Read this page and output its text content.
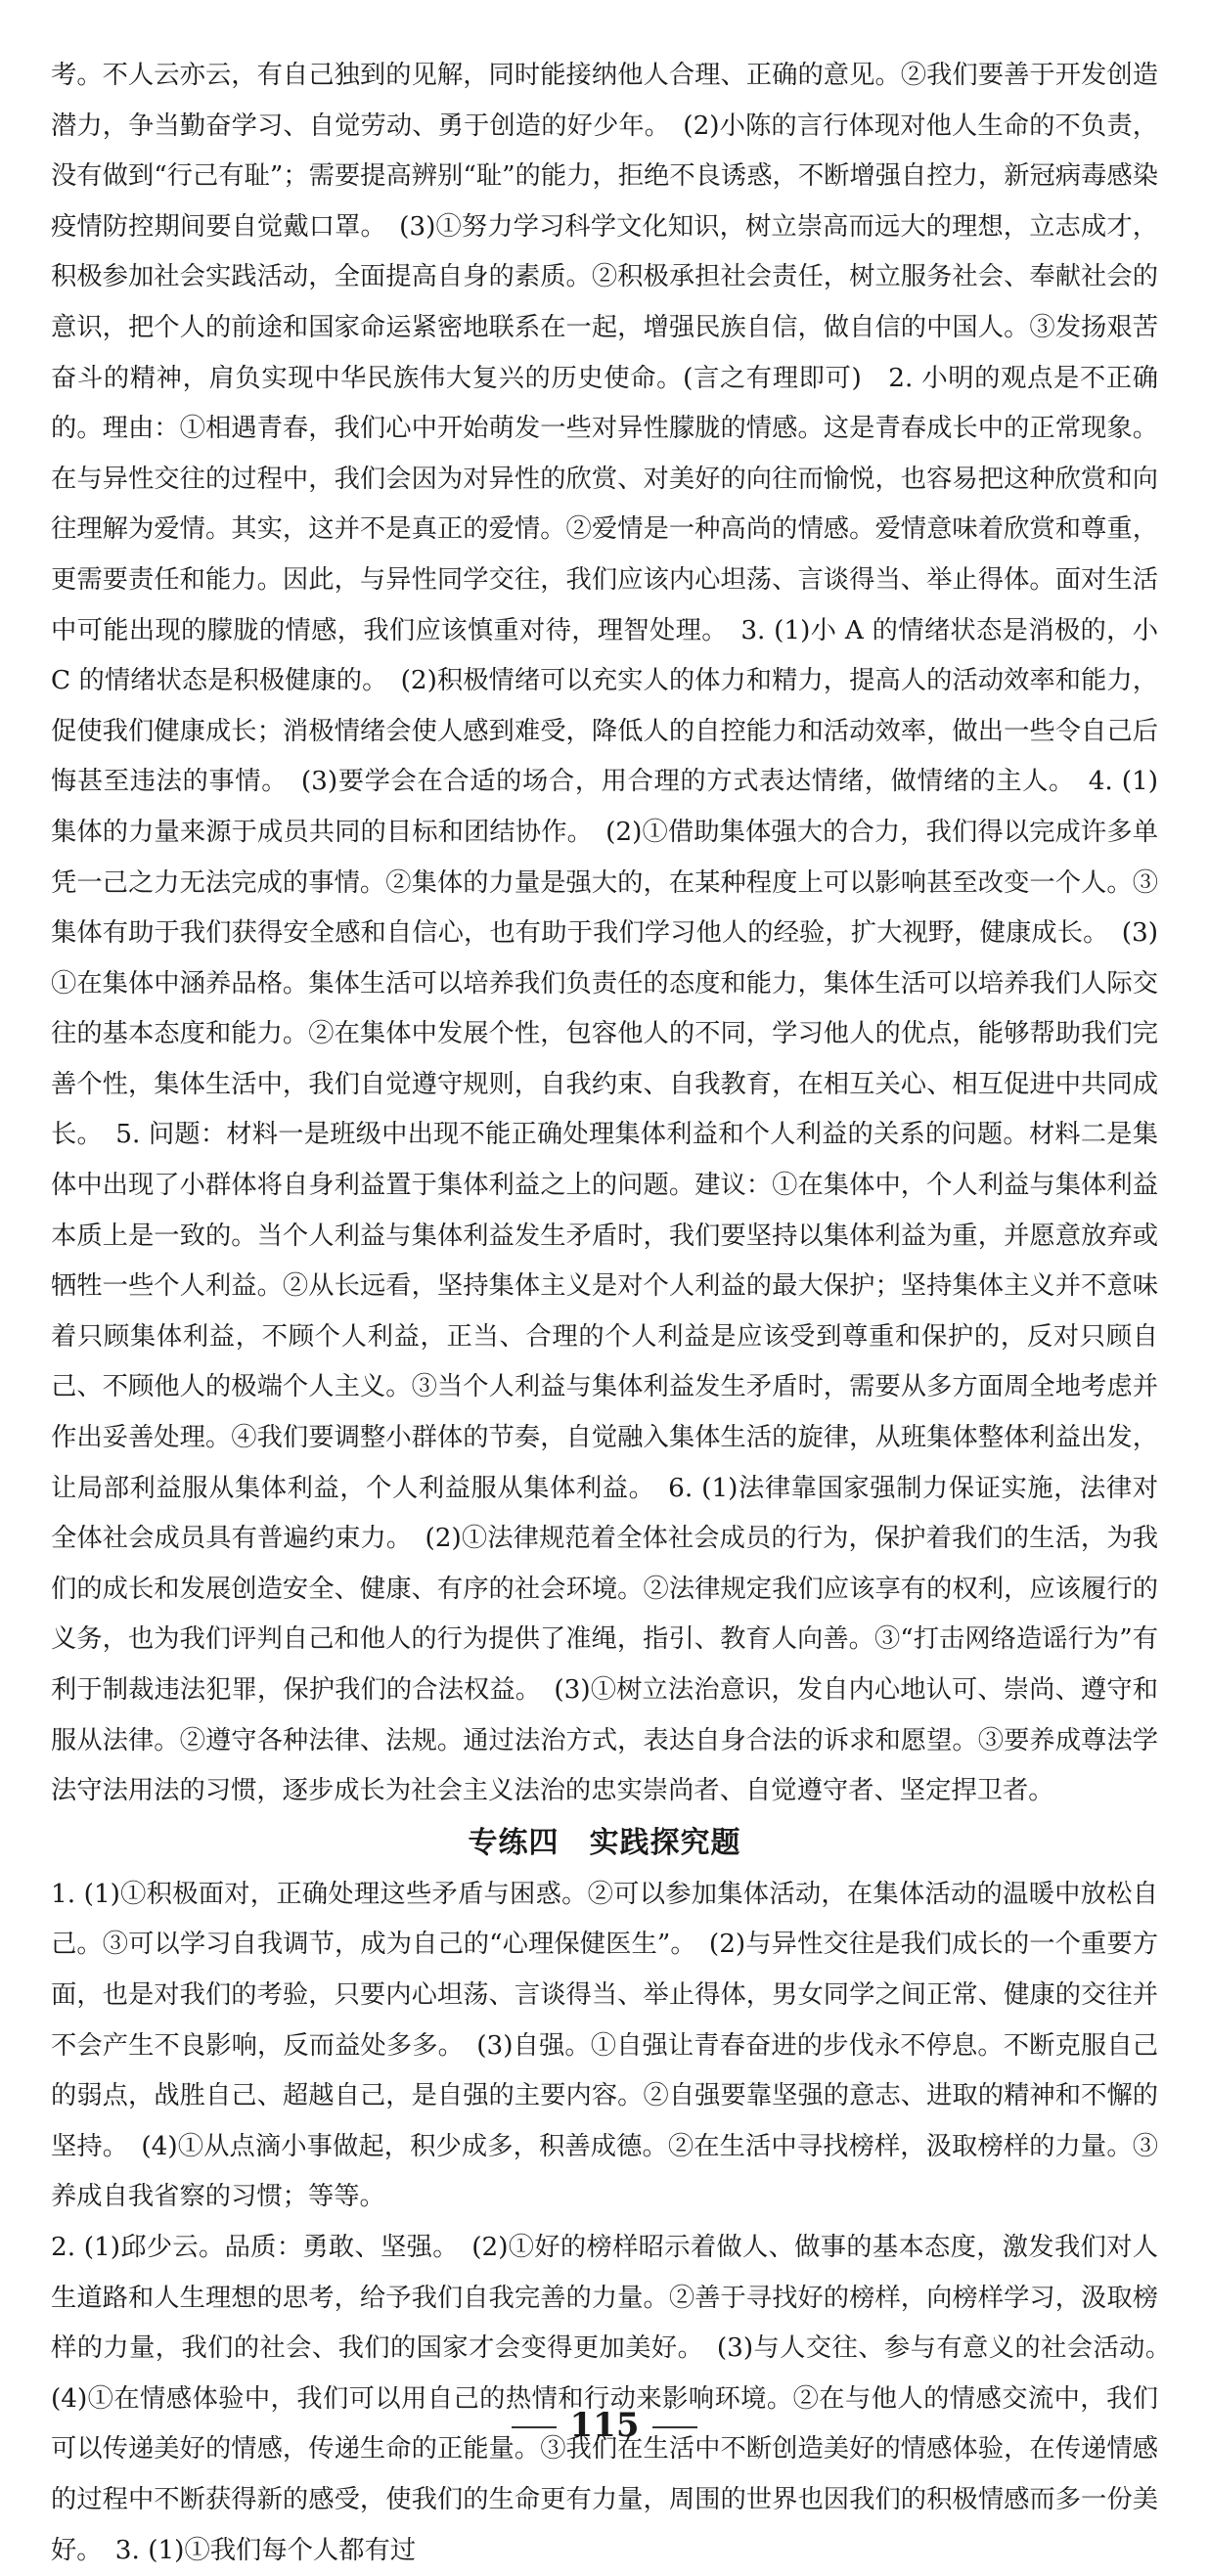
考。不人云亦云，有自己独到的见解，同时能接纳他人合理、正确的意见。②我们要善于开发创造潜力，争当勤奋学习、自觉劳动、勇于创造的好少年。　(2)小陈的言行体现对他人生命的不负责，没有做到“行己有耻”；需要提高辨别“耻”的能力，拒绝不良诱惑，不断增强自控力，新冠病毒感染疫情防控期间要自觉戴口罩。　(3)①努力学习科学文化知识，树立崇高而远大的理想，立志成才，积极参加社会实践活动，全面提高自身的素质。②积极承担社会责任，树立服务社会、奉献社会的意识，把个人的前途和国家命运紧密地联系在一起，增强民族自信，做自信的中国人。③发扬艰苦奋斗的精神，肩负实现中华民族伟大复兴的历史使命。(言之有理即可)　2. 小明的观点是不正确的。理由：①相遇青春，我们心中开始萌发一些对异性朦胧的情感。这是青春成长中的正常现象。在与异性交往的过程中，我们会因为对异性的欣赏、对美好的向往而愉悦，也容易把这种欣赏和向往理解为爱情。其实，这并不是真正的爱情。②爱情是一种高尚的情感。爱情意味着欣赏和尊重，更需要责任和能力。因此，与异性同学交往，我们应该内心坦荡、言谈得当、举止得体。面对生活中可能出现的朦胧的情感，我们应该慎重对待，理智处理。　3. (1)小 A 的情绪状态是消极的，小 C 的情绪状态是积极健康的。　(2)积极情绪可以充实人的体力和精力，提高人的活动效率和能力，促使我们健康成长；消极情绪会使人感到难受，降低人的自控能力和活动效率，做出一些令自己后悔甚至违法的事情。　(3)要学会在合适的场合，用合理的方式表达情绪，做情绪的主人。　4. (1)集体的力量来源于成员共同的目标和团结协作。　(2)①借助集体强大的合力，我们得以完成许多单凭一己之力无法完成的事情。②集体的力量是强大的，在某种程度上可以影响甚至改变一个人。③集体有助于我们获得安全感和自信心，也有助于我们学习他人的经验，扩大视野，健康成长。　(3)①在集体中涵养品格。集体生活可以培养我们负责任的态度和能力，集体生活可以培养我们人际交往的基本态度和能力。②在集体中发展个性，包容他人的不同，学习他人的优点，能够帮助我们完善个性，集体生活中，我们自觉遵守规则，自我约束、自我教育，在相互关心、相互促进中共同成长。　5. 问题：材料一是班级中出现不能正确处理集体利益和个人利益的关系的问题。材料二是集体中出现了小群体将自身利益置于集体利益之上的问题。建议：①在集体中，个人利益与集体利益本质上是一致的。当个人利益与集体利益发生矛盾时，我们要坚持以集体利益为重，并愿意放弃或牺牲一些个人利益。②从长远看，坚持集体主义是对个人利益的最大保护；坚持集体主义并不意味着只顾集体利益，不顾个人利益，正当、合理的个人利益是应该受到尊重和保护的，反对只顾自己、不顾他人的极端个人主义。③当个人利益与集体利益发生矛盾时，需要从多方面周全地考虑并作出妥善处理。④我们要调整小群体的节奏，自觉融入集体生活的旋律，从班集体整体利益出发，让局部利益服从集体利益，个人利益服从集体利益。　6. (1)法律靠国家强制力保证实施，法律对全体社会成员具有普遍约束力。　(2)①法律规范着全体社会成员的行为，保护着我们的生活，为我们的成长和发展创造安全、健康、有序的社会环境。②法律规定我们应该享有的权利，应该履行的义务，也为我们评判自己和他人的行为提供了准绳，指引、教育人向善。③“打击网络造谣行为”有利于制裁违法犯罪，保护我们的合法权益。　(3)①树立法治意识，发自内心地认可、崇尚、遵守和服从法律。②遵守各种法律、法规。通过法治方式，表达自身合法的诉求和愿望。③要养成尊法学法守法用法的习惯，逐步成长为社会主义法治的忠实崇尚者、自觉遵守者、坚定捍卫者。

专练四　实践探究题

1. (1)①积极面对，正确处理这些矛盾与困惑。②可以参加集体活动，在集体活动的温暖中放松自己。③可以学习自我调节，成为自己的“心理保健医生”。　(2)与异性交往是我们成长的一个重要方面，也是对我们的考验，只要内心坦荡、言谈得当、举止得体，男女同学之间正常、健康的交往并不会产生不良影响，反而益处多多。　(3)自强。①自强让青春奋进的步伐永不停息。不断克服自己的弱点，战胜自己、超越自己，是自强的主要内容。②自强要靠坚强的意志、进取的精神和不懈的坚持。　(4)①从点滴小事做起，积少成多，积善成德。②在生活中寻找榜样，汲取榜样的力量。③养成自我省察的习惯；等等。

2. (1)邱少云。品质：勇敢、坚强。　(2)①好的榜样昭示着做人、做事的基本态度，激发我们对人生道路和人生理想的思考，给予我们自我完善的力量。②善于寻找好的榜样，向榜样学习，汲取榜样的力量，我们的社会、我们的国家才会变得更加美好。　(3)与人交往、参与有意义的社会活动。　(4)①在情感体验中，我们可以用自己的热情和行动来影响环境。②在与他人的情感交流中，我们可以传递美好的情感，传递生命的正能量。③我们在生活中不断创造美好的情感体验，在传递情感的过程中不断获得新的感受，使我们的生命更有力量，周围的世界也因我们的积极情感而多一份美好。　3. (1)①我们每个人都有过

115
